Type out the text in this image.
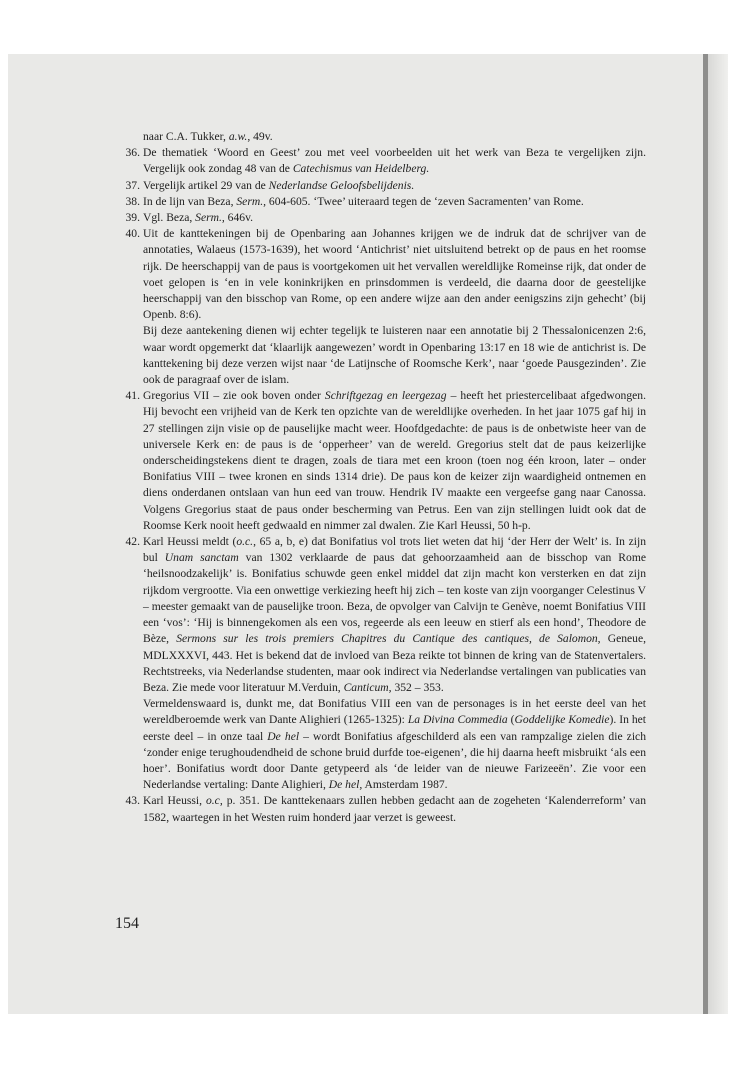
naar C.A. Tukker, a.w., 49v.
36. De thematiek ‘Woord en Geest’ zou met veel voorbeelden uit het werk van Beza te vergelijken zijn. Vergelijk ook zondag 48 van de Catechismus van Heidelberg.
37. Vergelijk artikel 29 van de Nederlandse Geloofsbelijdenis.
38. In de lijn van Beza, Serm., 604-605. ‘Twee’ uiteraard tegen de ‘zeven Sacramenten’ van Rome.
39. Vgl. Beza, Serm., 646v.
40. Uit de kanttekeningen bij de Openbaring aan Johannes krijgen we de indruk dat de schrijver van de annotaties, Walaeus (1573-1639), het woord ‘Antichrist’ niet uitsluitend betrekt op de paus en het roomse rijk. De heerschappij van de paus is voortgekomen uit het vervallen wereldlijke Romeinse rijk, dat onder de voet gelopen is ‘en in vele koninkrijken en prinsdommen is verdeeld, die daarna door de geestelijke heerschappij van den bisschop van Rome, op een andere wijze aan den ander eenigszins zijn gehecht’ (bij Openb. 8:6).
Bij deze aantekening dienen wij echter tegelijk te luisteren naar een annotatie bij 2 Thessalonicenzen 2:6, waar wordt opgemerkt dat ‘klaarlijk aangewezen’ wordt in Openbaring 13:17 en 18 wie de antichrist is. De kanttekening bij deze verzen wijst naar ‘de Latijnsche of Roomsche Kerk’, naar ‘goede Pausgezinden’. Zie ook de paragraaf over de islam.
41. Gregorius VII – zie ook boven onder Schriftgezag en leergezag – heeft het priestercelibaat afgedwongen. Hij bevocht een vrijheid van de Kerk ten opzichte van de wereldlijke overheden. In het jaar 1075 gaf hij in 27 stellingen zijn visie op de pauselijke macht weer. Hoofdgedachte: de paus is de onbetwiste heer van de universele Kerk en: de paus is de ‘opperheer’ van de wereld. Gregorius stelt dat de paus keizerlijke onderscheidingstekens dient te dragen, zoals de tiara met een kroon (toen nog één kroon, later – onder Bonifatius VIII – twee kronen en sinds 1314 drie). De paus kon de keizer zijn waardigheid ontnemen en diens onderdanen ontslaan van hun eed van trouw. Hendrik IV maakte een vergeefse gang naar Canossa. Volgens Gregorius staat de paus onder bescherming van Petrus. Een van zijn stellingen luidt ook dat de Roomse Kerk nooit heeft gedwaald en nimmer zal dwalen. Zie Karl Heussi, 50 h-p.
42. Karl Heussi meldt (o.c., 65 a, b, e) dat Bonifatius vol trots liet weten dat hij ‘der Herr der Welt’ is. In zijn bul Unam sanctam van 1302 verklaarde de paus dat gehoorzaamheid aan de bisschop van Rome ‘heilsnoodzakelijk’ is. Bonifatius schuwde geen enkel middel dat zijn macht kon versterken en dat zijn rijkdom vergrootte. Via een onwettige verkiezing heeft hij zich – ten koste van zijn voorganger Celestinus V – meester gemaakt van de pauselijke troon. Beza, de opvolger van Calvijn te Genève, noemt Bonifatius VIII een ‘vos’: ‘Hij is binnengekomen als een vos, regeerde als een leeuw en stierf als een hond’, Theodore de Bèze, Sermons sur les trois premiers Chapitres du Cantique des cantiques, de Salomon, Geneue, MDLXXXVI, 443. Het is bekend dat de invloed van Beza reikte tot binnen de kring van de Statenvertalers. Rechtstreeks, via Nederlandse studenten, maar ook indirect via Nederlandse vertalingen van publicaties van Beza. Zie mede voor literatuur M.Verduin, Canticum, 352 – 353.
Vermeldenswaard is, dunkt me, dat Bonifatius VIII een van de personages is in het eerste deel van het wereldberoemde werk van Dante Alighieri (1265-1325): La Divina Commedia (Goddelijke Komedie). In het eerste deel – in onze taal De hel – wordt Bonifatius afgeschilderd als een van rampzalige zielen die zich ‘zonder enige terughoudendheid de schone bruid durfde toe-eigenen’, die hij daarna heeft misbruikt ‘als een hoer’. Bonifatius wordt door Dante getypeerd als ‘de leider van de nieuwe Farizeeën’. Zie voor een Nederlandse vertaling: Dante Alighieri, De hel, Amsterdam 1987.
43. Karl Heussi, o.c, p. 351. De kanttekenaars zullen hebben gedacht aan de zogeheten ‘Kalenderreform’ van 1582, waartegen in het Westen ruim honderd jaar verzet is geweest.
154
